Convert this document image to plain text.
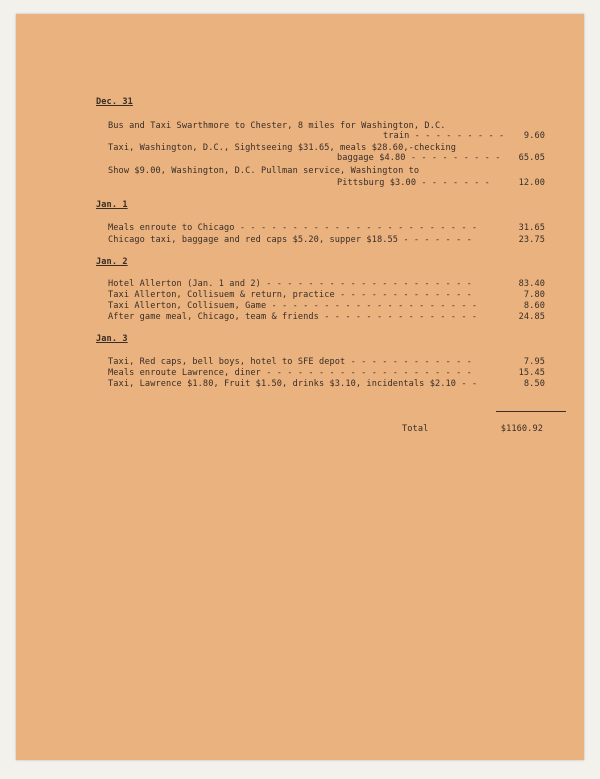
Dec. 31
Bus and Taxi Swarthmore to Chester, 8 miles for Washington, D.C.
train - - - - - - - - - 9.60
Taxi, Washington, D.C., Sightseeing $31.65, meals $28.60,-checking
baggage $4.80 - - - - - - - - - 65.05
Show $9.00, Washington, D.C. Pullman service, Washington to
Pittsburg $3.00 - - - - - - -	12.00
Jan. 1
Meals enroute to Chicago - - - - - - - - - - - - - - - - - - - - - - -	31.65
Chicago taxi, baggage and red caps $5.20, supper $18.55 - - - - - - -	23.75
Jan. 2
Hotel Allerton (Jan. 1 and 2) - - - - - - - - - - - - - - - - - - - -	83.40
Taxi Allerton, Collisuem & return, practice - - - - - - - - - - - - -	7.80
Taxi Allerton, Collisuem, Game - - - - - - - - - - - - - - - - - - - -	8.60
After game meal, Chicago, team & friends - - - - - - - - - - - - - - -	24.85
Jan. 3
Taxi, Red caps, bell boys, hotel to SFE depot - - - - - - - - - - - -	7.95
Meals enroute Lawrence, diner - - - - - - - - - - - - - - - - - - - -	15.45
Taxi, Lawrence $1.80, Fruit $1.50, drinks $3.10, incidentals $2.10 - -	8.50
Total	$1160.92
